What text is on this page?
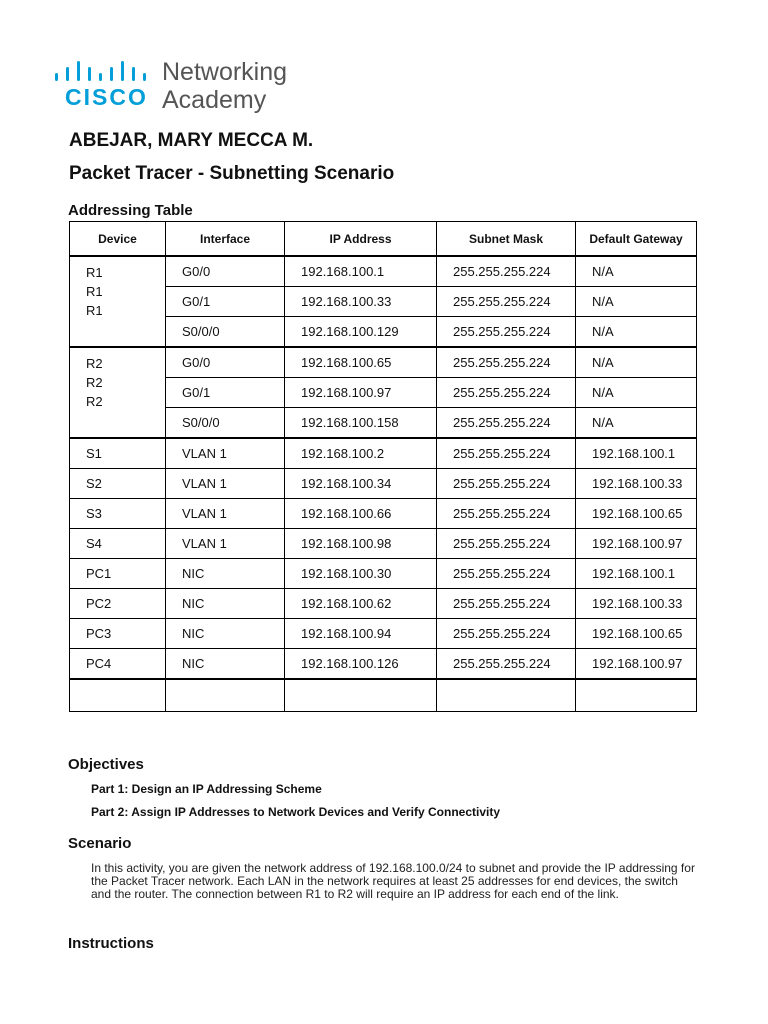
CISCO
Networking
Academy
ABEJAR, MARY MECCA M.
Packet Tracer - Subnetting Scenario
Addressing Table
Device	Interface	IP Address	Subnet Mask	Default Gateway

R1
R1
R1	G0/0	192.168.100.1	255.255.255.224	N/A
	G0/1	192.168.100.33	255.255.255.224	N/A
	S0/0/0	192.168.100.129	255.255.255.224	N/A

R2
R2
R2	G0/0	192.168.100.65	255.255.255.224	N/A
	G0/1	192.168.100.97	255.255.255.224	N/A
	S0/0/0	192.168.100.158	255.255.255.224	N/A
S1	VLAN 1	192.168.100.2	255.255.255.224	192.168.100.1
S2	VLAN 1	192.168.100.34	255.255.255.224	192.168.100.33
S3	VLAN 1	192.168.100.66	255.255.255.224	192.168.100.65
S4	VLAN 1	192.168.100.98	255.255.255.224	192.168.100.97
PC1	NIC	192.168.100.30	255.255.255.224	192.168.100.1
PC2	NIC	192.168.100.62	255.255.255.224	192.168.100.33
PC3	NIC	192.168.100.94	255.255.255.224	192.168.100.65
PC4	NIC	192.168.100.126	255.255.255.224	192.168.100.97

Objectives
Part 1: Design an IP Addressing Scheme
Part 2: Assign IP Addresses to Network Devices and Verify Connectivity
Scenario
In this activity, you are given the network address of 192.168.100.0/24 to subnet and provide the IP addressing for the Packet Tracer network. Each LAN in the network requires at least 25 addresses for end devices, the switch and the router. The connection between R1 to R2 will require an IP address for each end of the link.
Instructions
